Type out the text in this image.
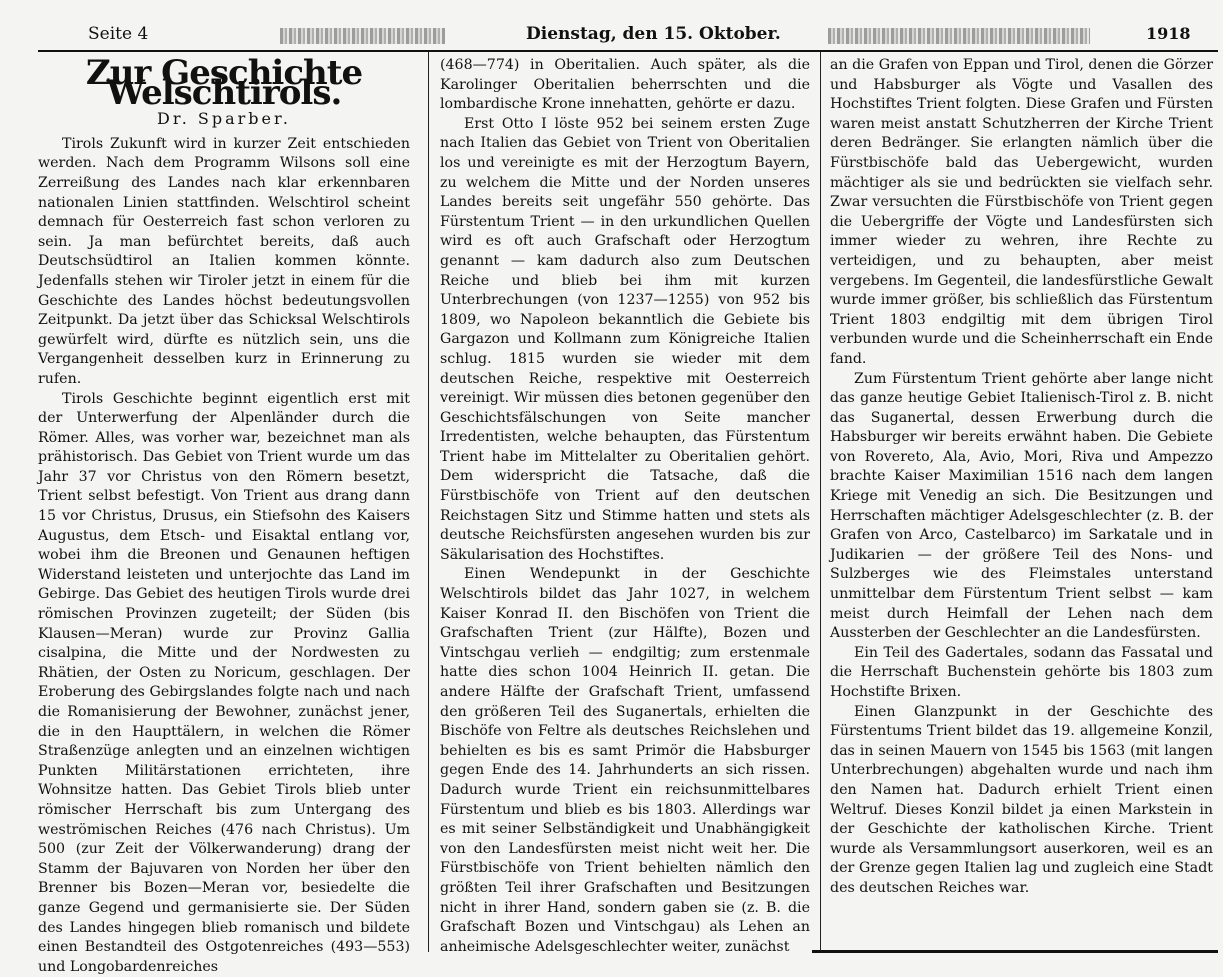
Seite 4	Dienstag, den 15. Oktober.	1918
Zur Geschichte Welschtirols.
Dr. Sparber.

Tirols Zukunft wird in kurzer Zeit entschieden werden. Nach dem Programm Wilsons soll eine Zerreißung des Landes nach klar erkennbaren nationalen Linien stattfinden. Welschtirol scheint demnach für Oesterreich fast schon verloren zu sein. Ja man befürchtet bereits, daß auch Deutschsüdtirol an Italien kommen könnte. Jedenfalls stehen wir Tiroler jetzt in einem für die Geschichte des Landes höchst bedeutungsvollen Zeitpunkt. Da jetzt über das Schicksal Welschtirols gewürfelt wird, dürfte es nützlich sein, uns die Vergangenheit desselben kurz in Erinnerung zu rufen.

Tirols Geschichte beginnt eigentlich erst mit der Unterwerfung der Alpenländer durch die Römer. Alles, was vorher war, bezeichnet man als prähistorisch. Das Gebiet von Trient wurde um das Jahr 37 vor Christus von den Römern besetzt, Trient selbst befestigt. Von Trient aus drang dann 15 vor Christus, Drusus, ein Stiefsohn des Kaisers Augustus, dem Etsch- und Eisaktal entlang vor, wobei ihm die Breonen und Genaunen heftigen Widerstand leisteten und unterjochte das Land im Gebirge. Das Gebiet des heutigen Tirols wurde drei römischen Provinzen zugeteilt; der Süden (bis Klausen—Meran) wurde zur Provinz Gallia cisalpina, die Mitte und der Nordwesten zu Rhätien, der Osten zu Noricum, geschlagen. Der Eroberung des Gebirgslandes folgte nach und nach die Romanisierung der Bewohner, zunächst jener, die in den Haupttälern, in welchen die Römer Straßenzüge anlegten und an einzelnen wichtigen Punkten Militärstationen errichteten, ihre Wohnsitze hatten. Das Gebiet Tirols blieb unter römischer Herrschaft bis zum Untergang des weströmischen Reiches (476 nach Christus). Um 500 (zur Zeit der Völkerwanderung) drang der Stamm der Bajuvaren von Norden her über den Brenner bis Bozen—Meran vor, besiedelte die ganze Gegend und germanisierte sie. Der Süden des Landes hingegen blieb romanisch und bildete einen Bestandteil des Ostgotenreiches (493—553) und Longobardenreiches

(468—774) in Oberitalien. Auch später, als die Karolinger Oberitalien beherrschten und die lombardische Krone innehatten, gehörte er dazu.

Erst Otto I löste 952 bei seinem ersten Zuge nach Italien das Gebiet von Trient von Oberitalien los und vereinigte es mit der Herzogtum Bayern, zu welchem die Mitte und der Norden unseres Landes bereits seit ungefähr 550 gehörte. Das Fürstentum Trient — in den urkundlichen Quellen wird es oft auch Grafschaft oder Herzogtum genannt — kam dadurch also zum Deutschen Reiche und blieb bei ihm mit kurzen Unterbrechungen (von 1237—1255) von 952 bis 1809, wo Napoleon bekanntlich die Gebiete bis Gargazon und Kollmann zum Königreiche Italien schlug. 1815 wurden sie wieder mit dem deutschen Reiche, respektive mit Oesterreich vereinigt. Wir müssen dies betonen gegenüber den Geschichtsfälschungen von Seite mancher Irredentisten, welche behaupten, das Fürstentum Trient habe im Mittelalter zu Oberitalien gehört. Dem widerspricht die Tatsache, daß die Fürstbischöfe von Trient auf den deutschen Reichstagen Sitz und Stimme hatten und stets als deutsche Reichsfürsten angesehen wurden bis zur Säkularisation des Hochstiftes.

Einen Wendepunkt in der Geschichte Welschtirols bildet das Jahr 1027, in welchem Kaiser Konrad II. den Bischöfen von Trient die Grafschaften Trient (zur Hälfte), Bozen und Vintschgau verlieh — endgiltig; zum erstenmale hatte dies schon 1004 Heinrich II. getan. Die andere Hälfte der Grafschaft Trient, umfassend den größeren Teil des Suganertals, erhielten die Bischöfe von Feltre als deutsches Reichslehen und behielten es bis es samt Primör die Habsburger gegen Ende des 14. Jahrhunderts an sich rissen. Dadurch wurde Trient ein reichsunmittelbares Fürstentum und blieb es bis 1803. Allerdings war es mit seiner Selbständigkeit und Unabhängigkeit von den Landesfürsten meist nicht weit her. Die Fürstbischöfe von Trient behielten nämlich den größten Teil ihrer Grafschaften und Besitzungen nicht in ihrer Hand, sondern gaben sie (z. B. die Grafschaft Bozen und Vintschgau) als Lehen an anheimische Adelsgeschlechter weiter, zunächst

an die Grafen von Eppan und Tirol, denen die Görzer und Habsburger als Vögte und Vasallen des Hochstiftes Trient folgten. Diese Grafen und Fürsten waren meist anstatt Schutzherren der Kirche Trient deren Bedränger. Sie erlangten nämlich über die Fürstbischöfe bald das Uebergewicht, wurden mächtiger als sie und bedrückten sie vielfach sehr. Zwar versuchten die Fürstbischöfe von Trient gegen die Uebergriffe der Vögte und Landesfürsten sich immer wieder zu wehren, ihre Rechte zu verteidigen, und zu behaupten, aber meist vergebens. Im Gegenteil, die landesfürstliche Gewalt wurde immer größer, bis schließlich das Fürstentum Trient 1803 endgiltig mit dem übrigen Tirol verbunden wurde und die Scheinherrschaft ein Ende fand.

Zum Fürstentum Trient gehörte aber lange nicht das ganze heutige Gebiet Italienisch-Tirol z. B. nicht das Suganertal, dessen Erwerbung durch die Habsburger wir bereits erwähnt haben. Die Gebiete von Rovereto, Ala, Avio, Mori, Riva und Ampezzo brachte Kaiser Maximilian 1516 nach dem langen Kriege mit Venedig an sich. Die Besitzungen und Herrschaften mächtiger Adelsgeschlechter (z. B. der Grafen von Arco, Castelbarco) im Sarkatale und in Judikarien — der größere Teil des Nons- und Sulzberges wie des Fleimstales unterstand unmittelbar dem Fürstentum Trient selbst — kam meist durch Heimfall der Lehen nach dem Aussterben der Geschlechter an die Landesfürsten.

Ein Teil des Gadertales, sodann das Fassatal und die Herrschaft Buchenstein gehörte bis 1803 zum Hochstifte Brixen.

Einen Glanzpunkt in der Geschichte des Fürstentums Trient bildet das 19. allgemeine Konzil, das in seinen Mauern von 1545 bis 1563 (mit langen Unterbrechungen) abgehalten wurde und nach ihm den Namen hat. Dadurch erhielt Trient einen Weltruf. Dieses Konzil bildet ja einen Markstein in der Geschichte der katholischen Kirche. Trient wurde als Versammlungsort auserkoren, weil es an der Grenze gegen Italien lag und zugleich eine Stadt des deutschen Reiches war.
